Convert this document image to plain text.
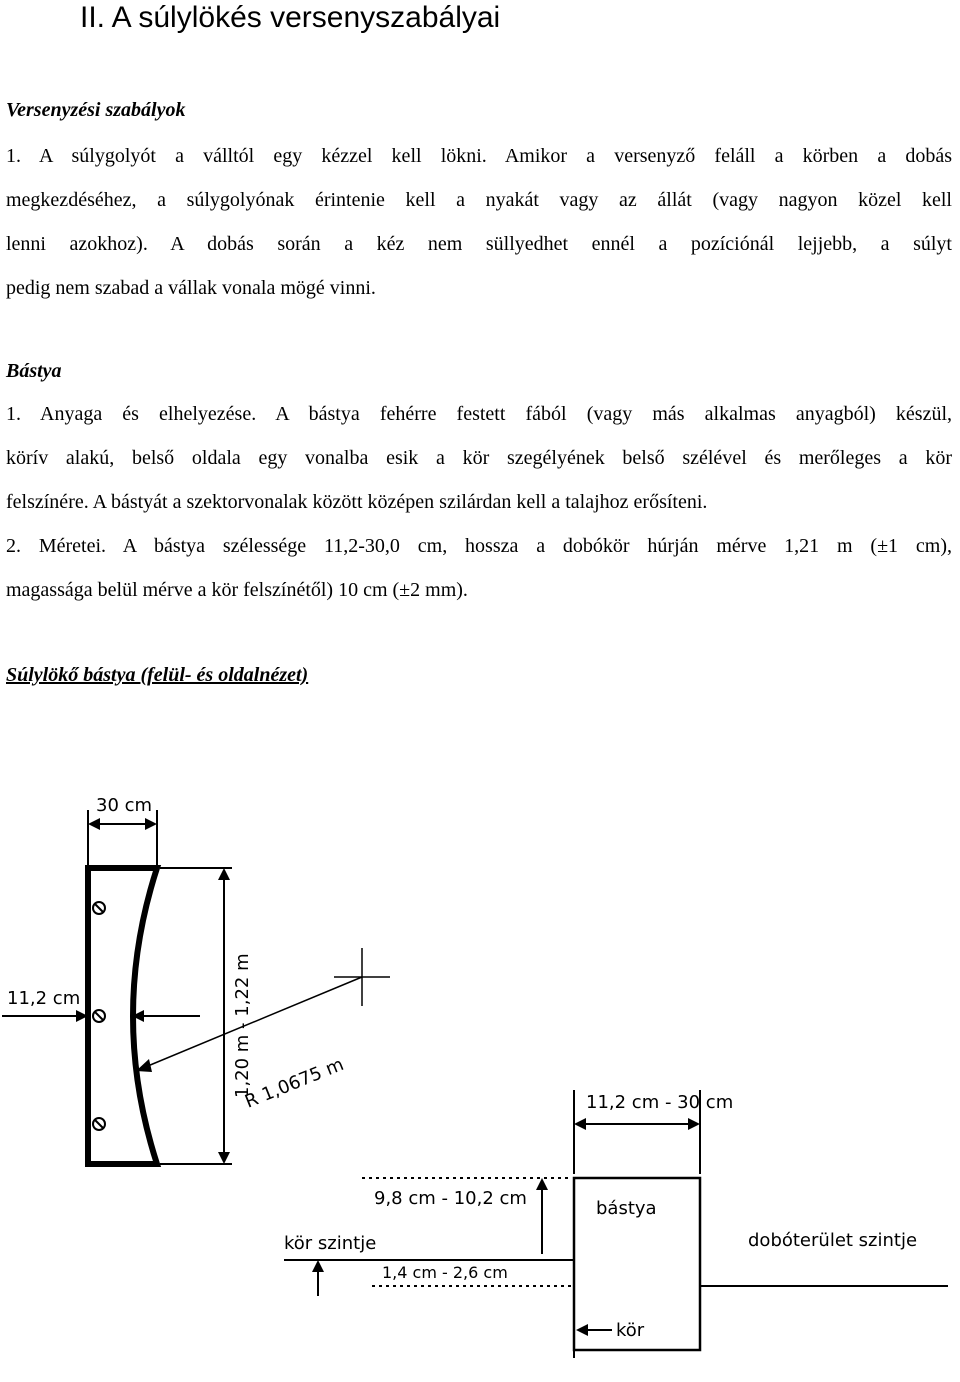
II. A súlylökés versenyszabályai
Versenyzési szabályok
1. A súlygolyót a válltól egy kézzel kell lökni. Amikor a versenyző feláll a körben a dobás
megkezdéséhez, a súlygolyónak érintenie kell a nyakát vagy az állát (vagy nagyon közel kell
lenni azokhoz). A dobás során a kéz nem süllyedhet ennél a pozíciónál lejjebb, a súlyt
pedig nem szabad a vállak vonala mögé vinni.
Bástya
1. Anyaga és elhelyezése. A bástya fehérre festett fából (vagy más alkalmas anyagból) készül,
körív alakú, belső oldala egy vonalba esik a kör szegélyének belső szélével és merőleges a kör
felszínére. A bástyát a szektorvonalak között középen szilárdan kell a talajhoz erősíteni.
2. Méretei. A bástya szélessége 11,2-30,0 cm, hossza a dobókör húrján mérve 1,21 m (±1 cm),
magassága belül mérve a kör felszínétől) 10 cm (±2 mm).
Súlylökő bástya (felül- és oldalnézet)
30 cm
11,2 cm	1,20 m - 1,22 m
R 1,0675 m	11,2 cm - 30 cm
9,8 cm - 10,2 cm	bástya
kör szintje	dobóterület szintje
1,4 cm - 2,6 cm
kör
